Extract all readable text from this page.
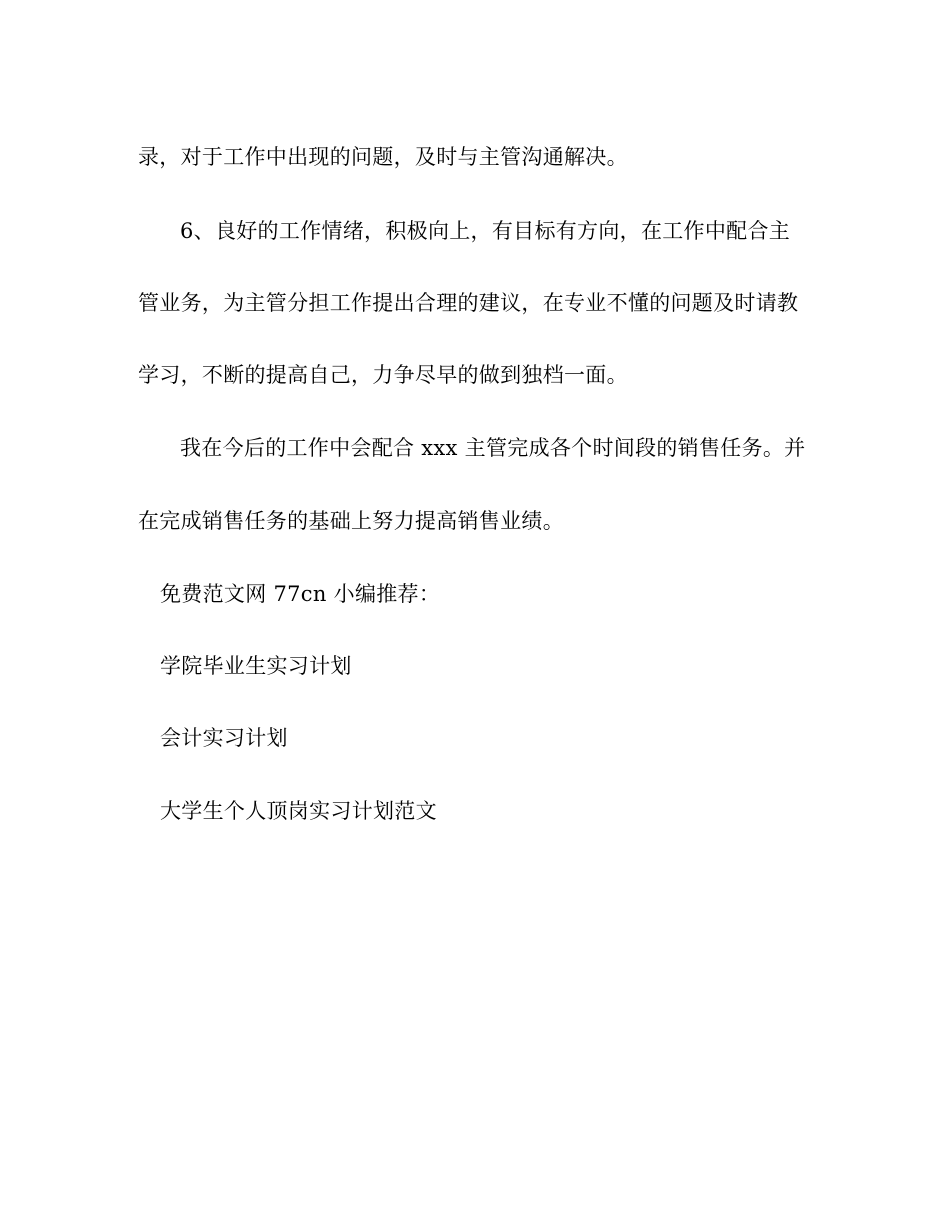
录，对于工作中出现的问题，及时与主管沟通解决。
6、良好的工作情绪，积极向上，有目标有方向，在工作中配合主
管业务，为主管分担工作提出合理的建议，在专业不懂的问题及时请教
学习，不断的提高自己，力争尽早的做到独档一面。
我在今后的工作中会配合 xxx 主管完成各个时间段的销售任务。并
在完成销售任务的基础上努力提高销售业绩。
免费范文网 77cn 小编推荐：
学院毕业生实习计划
会计实习计划
大学生个人顶岗实习计划范文
